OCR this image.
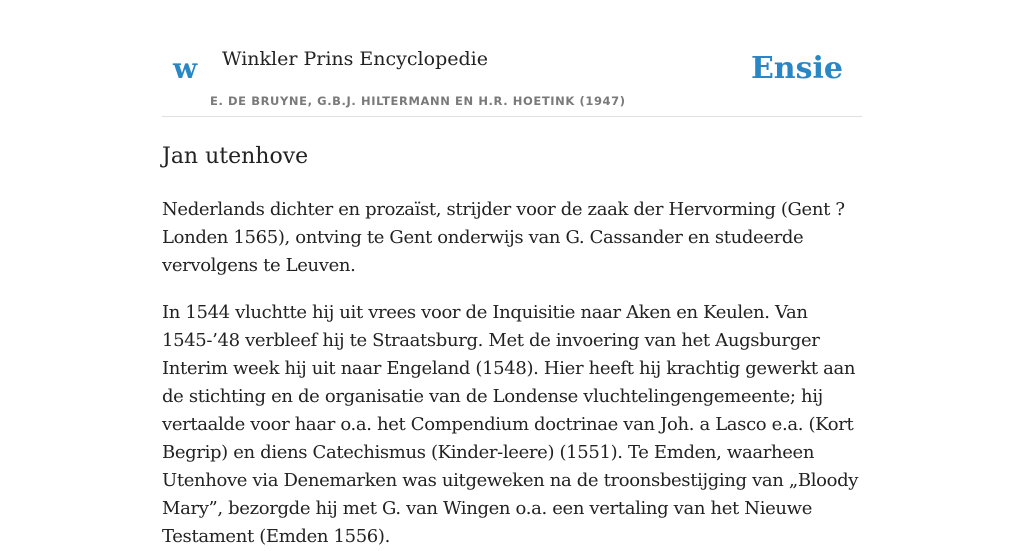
w Winkler Prins Encyclopedie
E. DE BRUYNE, G.B.J. HILTERMANN EN H.R. HOETINK (1947)
Ensie
Jan utenhove

Nederlands dichter en prozaïst, strijder voor de zaak der Hervorming (Gent ? Londen 1565), ontving te Gent onderwijs van G. Cassander en studeerde vervolgens te Leuven.

In 1544 vluchtte hij uit vrees voor de Inquisitie naar Aken en Keulen. Van 1545-’48 verbleef hij te Straatsburg. Met de invoering van het Augsburger Interim week hij uit naar Engeland (1548). Hier heeft hij krachtig gewerkt aan de stichting en de organisatie van de Londense vluchtelingengemeente; hij vertaalde voor haar o.a. het Compendium doctrinae van Joh. a Lasco e.a. (Kort Begrip) en diens Catechismus (Kinder-leere) (1551). Te Emden, waarheen Utenhove via Denemarken was uitgeweken na de troonsbestijging van „Bloody Mary”, bezorgde hij met G. van Wingen o.a. een vertaling van het Nieuwe Testament (Emden 1556).
